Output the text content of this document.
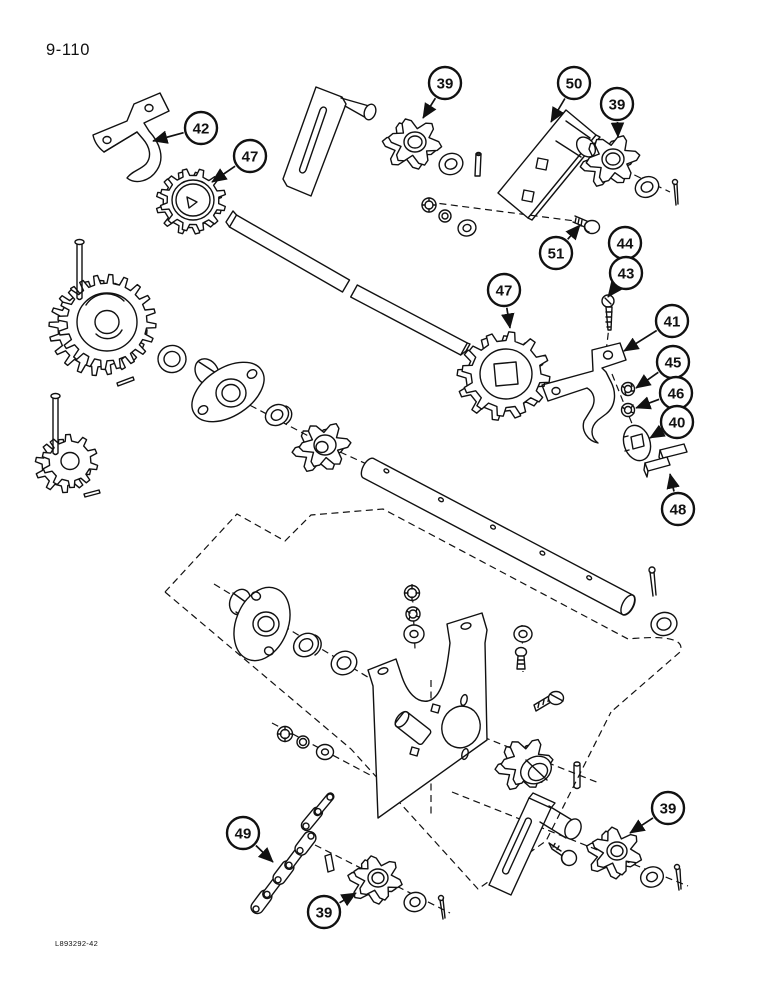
42
47
39	50
39
51
44
43
47
41
45
46
40
48
49
39
39
9-110
L893292-42
